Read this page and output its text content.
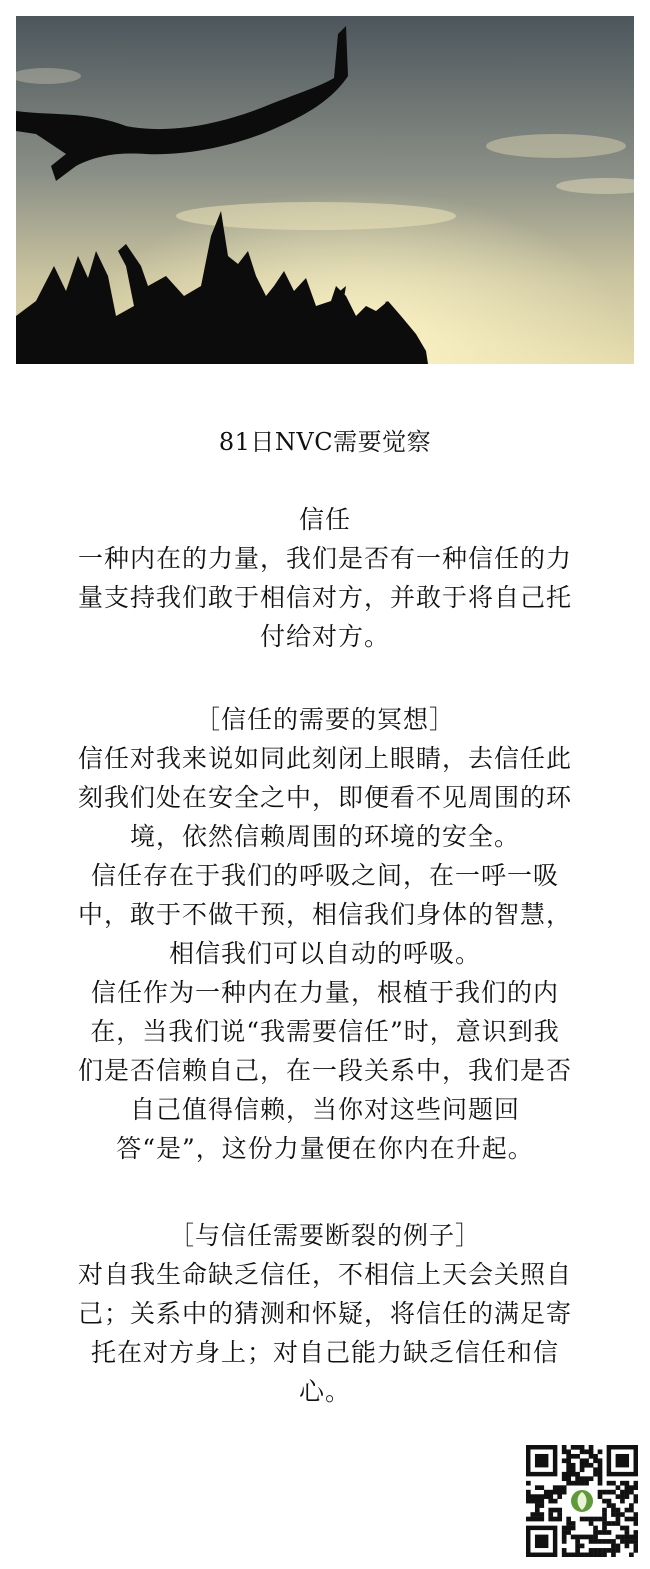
81日NVC需要觉察
信任
一种内在的力量，我们是否有一种信任的力
量支持我们敢于相信对方，并敢于将自己托
付给对方。
［信任的需要的冥想］
信任对我来说如同此刻闭上眼睛，去信任此
刻我们处在安全之中，即便看不见周围的环
境，依然信赖周围的环境的安全。
信任存在于我们的呼吸之间，在一呼一吸
中，敢于不做干预，相信我们身体的智慧，
相信我们可以自动的呼吸。
信任作为一种内在力量，根植于我们的内
在，当我们说“我需要信任”时，意识到我
们是否信赖自己，在一段关系中，我们是否
自己值得信赖，当你对这些问题回
答“是”，这份力量便在你内在升起。
［与信任需要断裂的例子］
对自我生命缺乏信任，不相信上天会关照自
己；关系中的猜测和怀疑，将信任的满足寄
托在对方身上；对自己能力缺乏信任和信
心。
